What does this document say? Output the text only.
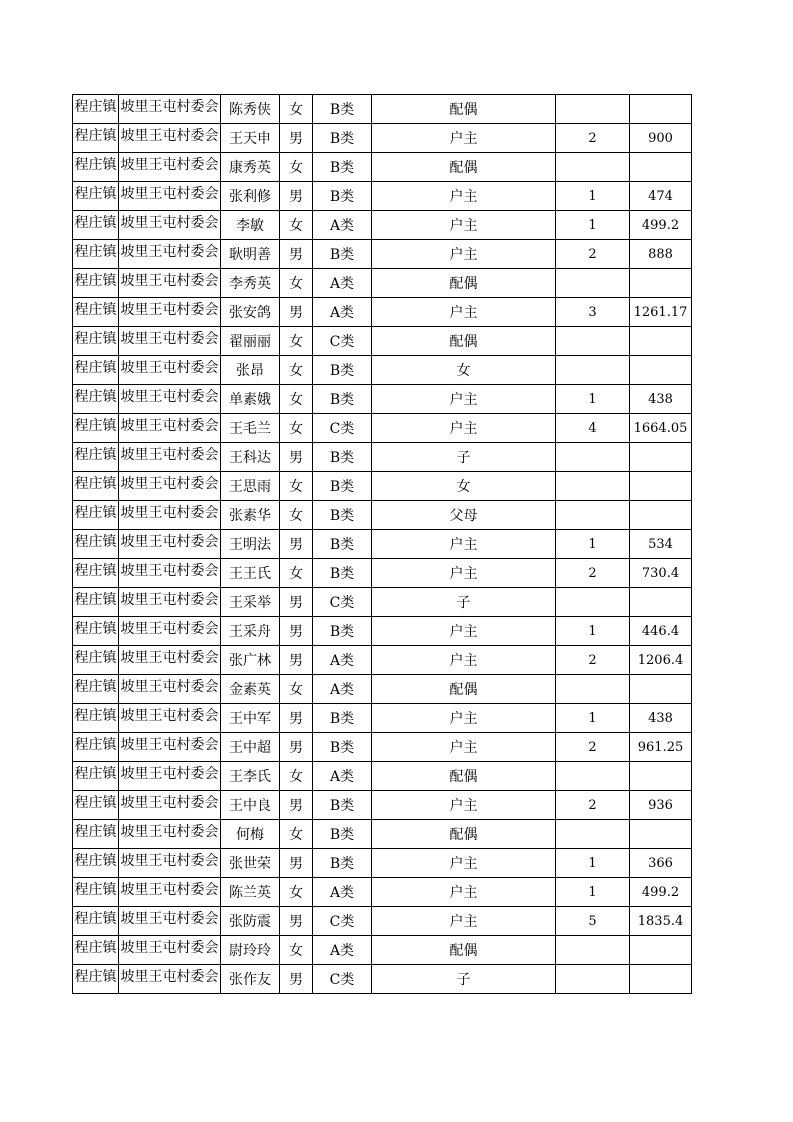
程庄镇	坡里王屯村委会	陈秀侠	女	B类	配偶		

程庄镇	坡里王屯村委会	王天申	男	B类	户主	2	900

程庄镇	坡里王屯村委会	康秀英	女	B类	配偶		

程庄镇	坡里王屯村委会	张利修	男	B类	户主	1	474

程庄镇	坡里王屯村委会	李敏	女	A类	户主	1	499.2

程庄镇	坡里王屯村委会	耿明善	男	B类	户主	2	888

程庄镇	坡里王屯村委会	李秀英	女	A类	配偶		

程庄镇	坡里王屯村委会	张安鸽	男	A类	户主	3	1261.17

程庄镇	坡里王屯村委会	翟丽丽	女	C类	配偶		

程庄镇	坡里王屯村委会	张昂	女	B类	女		

程庄镇	坡里王屯村委会	单素娥	女	B类	户主	1	438

程庄镇	坡里王屯村委会	王毛兰	女	C类	户主	4	1664.05

程庄镇	坡里王屯村委会	王科达	男	B类	子		

程庄镇	坡里王屯村委会	王思雨	女	B类	女		

程庄镇	坡里王屯村委会	张素华	女	B类	父母		

程庄镇	坡里王屯村委会	王明法	男	B类	户主	1	534

程庄镇	坡里王屯村委会	王王氏	女	B类	户主	2	730.4

程庄镇	坡里王屯村委会	王采举	男	C类	子		

程庄镇	坡里王屯村委会	王采舟	男	B类	户主	1	446.4

程庄镇	坡里王屯村委会	张广林	男	A类	户主	2	1206.4

程庄镇	坡里王屯村委会	金素英	女	A类	配偶		

程庄镇	坡里王屯村委会	王中军	男	B类	户主	1	438

程庄镇	坡里王屯村委会	王中超	男	B类	户主	2	961.25

程庄镇	坡里王屯村委会	王李氏	女	A类	配偶		

程庄镇	坡里王屯村委会	王中良	男	B类	户主	2	936

程庄镇	坡里王屯村委会	何梅	女	B类	配偶		

程庄镇	坡里王屯村委会	张世荣	男	B类	户主	1	366

程庄镇	坡里王屯村委会	陈兰英	女	A类	户主	1	499.2

程庄镇	坡里王屯村委会	张防震	男	C类	户主	5	1835.4

程庄镇	坡里王屯村委会	尉玲玲	女	A类	配偶		

程庄镇	坡里王屯村委会	张作友	男	C类	子		
